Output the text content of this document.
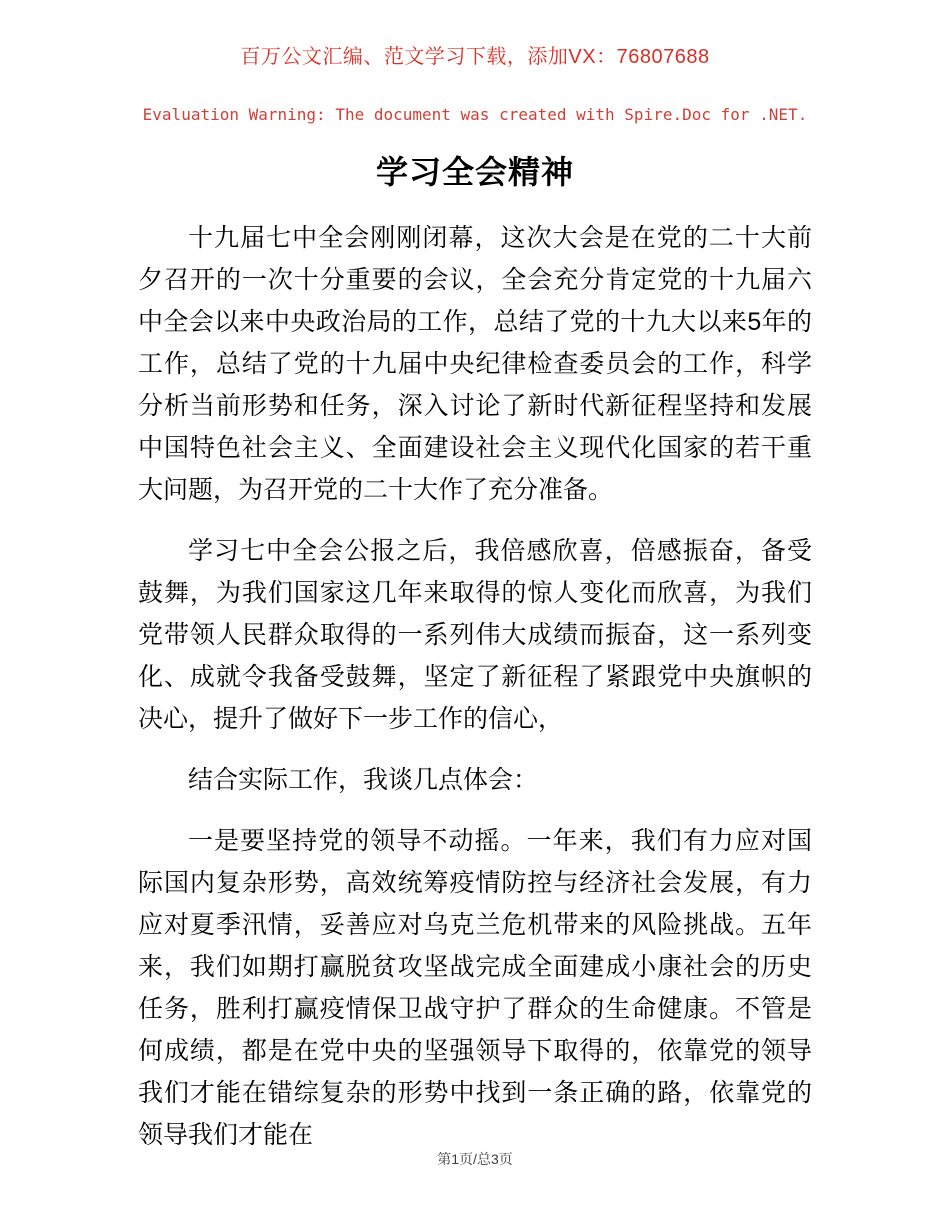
百万公文汇编、范文学习下载，添加VX：76807688
Evaluation Warning: The document was created with Spire.Doc for .NET.
学习全会精神

十九届七中全会刚刚闭幕，这次大会是在党的二十大前夕召开的一次十分重要的会议，全会充分肯定党的十九届六中全会以来中央政治局的工作，总结了党的十九大以来5年的工作，总结了党的十九届中央纪律检查委员会的工作，科学分析当前形势和任务，深入讨论了新时代新征程坚持和发展中国特色社会主义、全面建设社会主义现代化国家的若干重大问题，为召开党的二十大作了充分准备。

学习七中全会公报之后，我倍感欣喜，倍感振奋，备受鼓舞，为我们国家这几年来取得的惊人变化而欣喜，为我们党带领人民群众取得的一系列伟大成绩而振奋，这一系列变化、成就令我备受鼓舞，坚定了新征程了紧跟党中央旗帜的决心，提升了做好下一步工作的信心，

结合实际工作，我谈几点体会：

一是要坚持党的领导不动摇。一年来，我们有力应对国际国内复杂形势，高效统筹疫情防控与经济社会发展，有力应对夏季汛情，妥善应对乌克兰危机带来的风险挑战。五年来，我们如期打赢脱贫攻坚战完成全面建成小康社会的历史任务，胜利打赢疫情保卫战守护了群众的生命健康。不管是何成绩，都是在党中央的坚强领导下取得的，依靠党的领导我们才能在错综复杂的形势中找到一条正确的路，依靠党的领导我们才能在

第1页/总3页
